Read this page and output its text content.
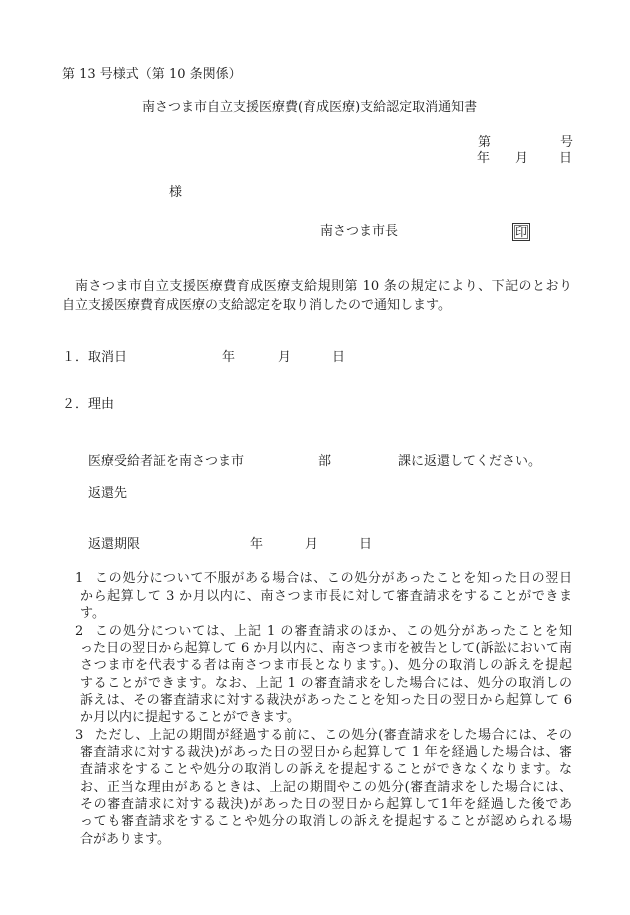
第 13 号様式（第 10 条関係）
南さつま市自立支援医療費(育成医療)支給認定取消通知書
第	号
年 月 日
様
南さつま市長	印
南さつま市自立支援医療費育成医療支給規則第 10 条の規定により、下記のとおり
自立支援医療費育成医療の支給認定を取り消したので通知します。
１．取消日	年	月	日
２．理由
医療受給者証を南さつま市	部	課に返還してください。
返還先
返還期限	年	月	日
1 この処分について不服がある場合は、この処分があったことを知った日の翌日
から起算して 3 か月以内に、南さつま市長に対して審査請求をすることができま
す。
2 この処分については、上記 1 の審査請求のほか、この処分があったことを知
った日の翌日から起算して 6 か月以内に、南さつま市を被告として(訴訟において南
さつま市を代表する者は南さつま市長となります。)、処分の取消しの訴えを提起
することができます。なお、上記 1 の審査請求をした場合には、処分の取消しの
訴えは、その審査請求に対する裁決があったことを知った日の翌日から起算して 6
か月以内に提起することができます。
3 ただし、上記の期間が経過する前に、この処分(審査請求をした場合には、その
審査請求に対する裁決)があった日の翌日から起算して 1 年を経過した場合は、審
査請求をすることや処分の取消しの訴えを提起することができなくなります。な
お、正当な理由があるときは、上記の期間やこの処分(審査請求をした場合には、
その審査請求に対する裁決)があった日の翌日から起算して1年を経過した後であ
っても審査請求をすることや処分の取消しの訴えを提起することが認められる場
合があります。
